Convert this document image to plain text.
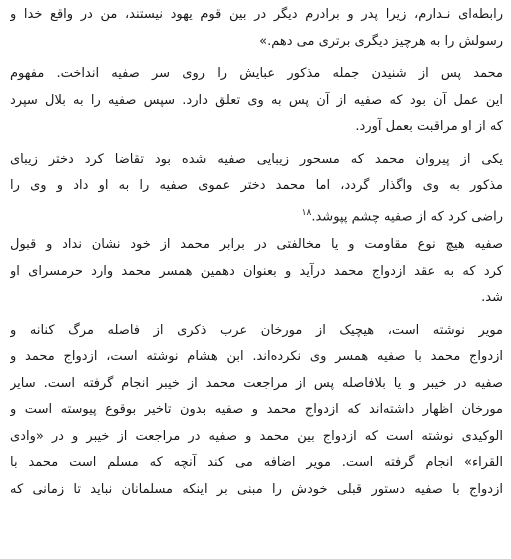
رابطه‌ای نـدارم، زیرا پدر و برادرم دیگر در بین قوم یهود نیستند، من در واقع خدا و
رسولش را به هرچیز دیگری برتری می دهم.»
محمد پس از شنیدن جمله مذکور عبایش را روی سر صفیه انداخت. مفهوم
این عمل آن بود که صفیه از آن پس به وی تعلق دارد. سپس صفیه را به بلال سپرد
که از او مراقبت بعمل آورد.
یکی از پیروان محمد که مسحور زیبایی صفیه شده بود تقاضا کرد دختر زیبای
مذکور به وی واگذار گردد، اما محمد دختر عموی صفیه را به او داد و وی را
راضی کرد که از صفیه چشم پپوشد.$^{۱۸}$
صفیه هیچ نوع مقاومت و یا مخالفتی در برابر محمد از خود نشان نداد و قبول
کرد که به عقد ازدواج محمد درآید و بعنوان دهمین همسر محمد وارد حرمسرای او
شد.
مویر نوشته است، هیچیک از مورخان عرب ذکری از فاصله مرگ کنانه و
ازدواج محمد با صفیه همسر وی نکرده‌اند. ابن هشام نوشته است، ازدواج محمد و
صفیه در خیبر و یا بلافاصله پس از مراجعت محمد از خیبر انجام گرفته است. سایر
مورخان اظهار داشته‌اند که ازدواج محمد و صفیه بدون تاخیر بوقوع پیوسته است و
الوکیدی نوشته است که ازدواج بین محمد و صفیه در مراجعت از خیبر و در «وادی
القراء» انجام گرفته است. مویر اضافه می کند آنچه که مسلم است محمد با
ازدواج با صفیه دستور قبلی خودش را مبنی بر اینکه مسلمانان نباید تا زمانی که
